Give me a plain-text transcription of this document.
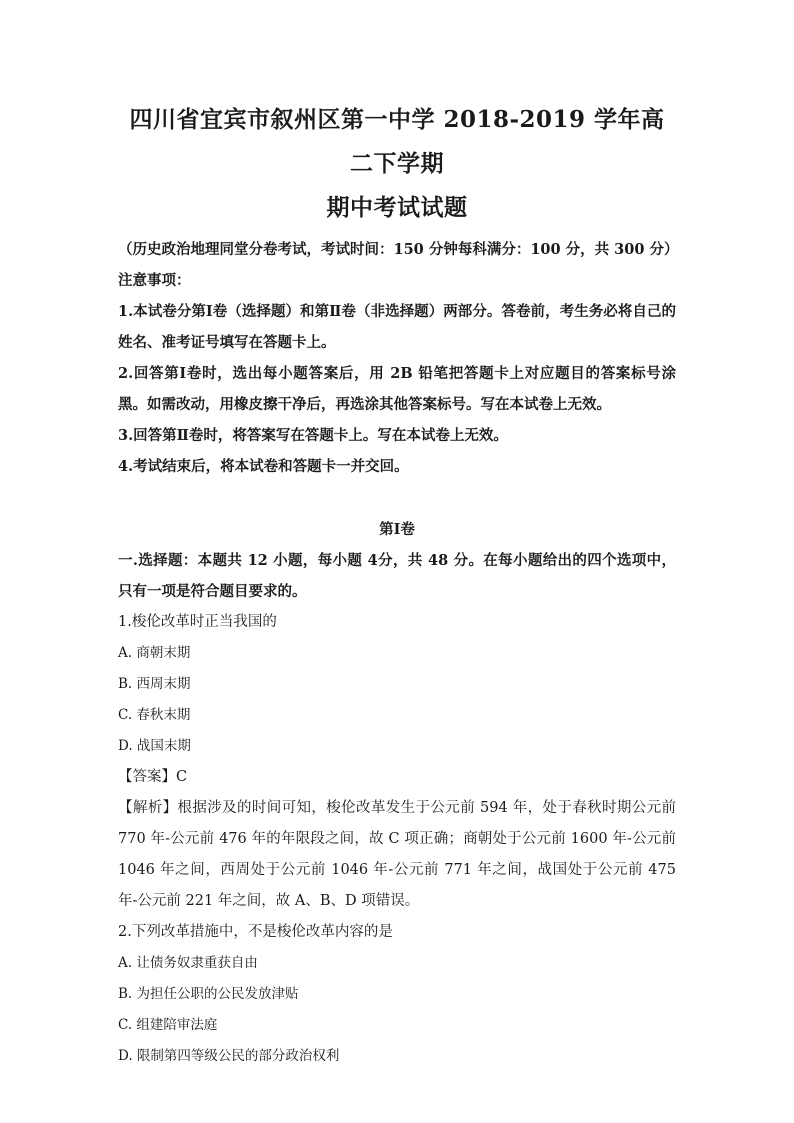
四川省宜宾市叙州区第一中学 2018-2019 学年高二下学期
期中考试试题
（历史政治地理同堂分卷考试，考试时间：150 分钟每科满分：100 分，共 300 分）
注意事项：
1.本试卷分第Ⅰ卷（选择题）和第Ⅱ卷（非选择题）两部分。答卷前，考生务必将自己的姓名、准考证号填写在答题卡上。
2.回答第Ⅰ卷时，选出每小题答案后，用 2B 铅笔把答题卡上对应题目的答案标号涂黑。如需改动，用橡皮擦干净后，再选涂其他答案标号。写在本试卷上无效。
3.回答第Ⅱ卷时，将答案写在答题卡上。写在本试卷上无效。
4.考试结束后，将本试卷和答题卡一并交回。
第Ⅰ卷
一.选择题：本题共 12 小题，每小题 4分，共 48 分。在每小题给出的四个选项中，只有一项是符合题目要求的。
1.梭伦改革时正当我国的
A. 商朝末期
B. 西周末期
C. 春秋末期
D. 战国末期
【答案】C
【解析】根据涉及的时间可知，梭伦改革发生于公元前 594 年，处于春秋时期公元前 770 年-公元前 476 年的年限段之间，故 C 项正确；商朝处于公元前 1600 年-公元前 1046 年之间，西周处于公元前 1046 年-公元前 771 年之间，战国处于公元前 475 年-公元前 221 年之间，故 A、B、D 项错误。
2.下列改革措施中，不是梭伦改革内容的是
A. 让债务奴隶重获自由
B. 为担任公职的公民发放津贴
C. 组建陪审法庭
D. 限制第四等级公民的部分政治权利
